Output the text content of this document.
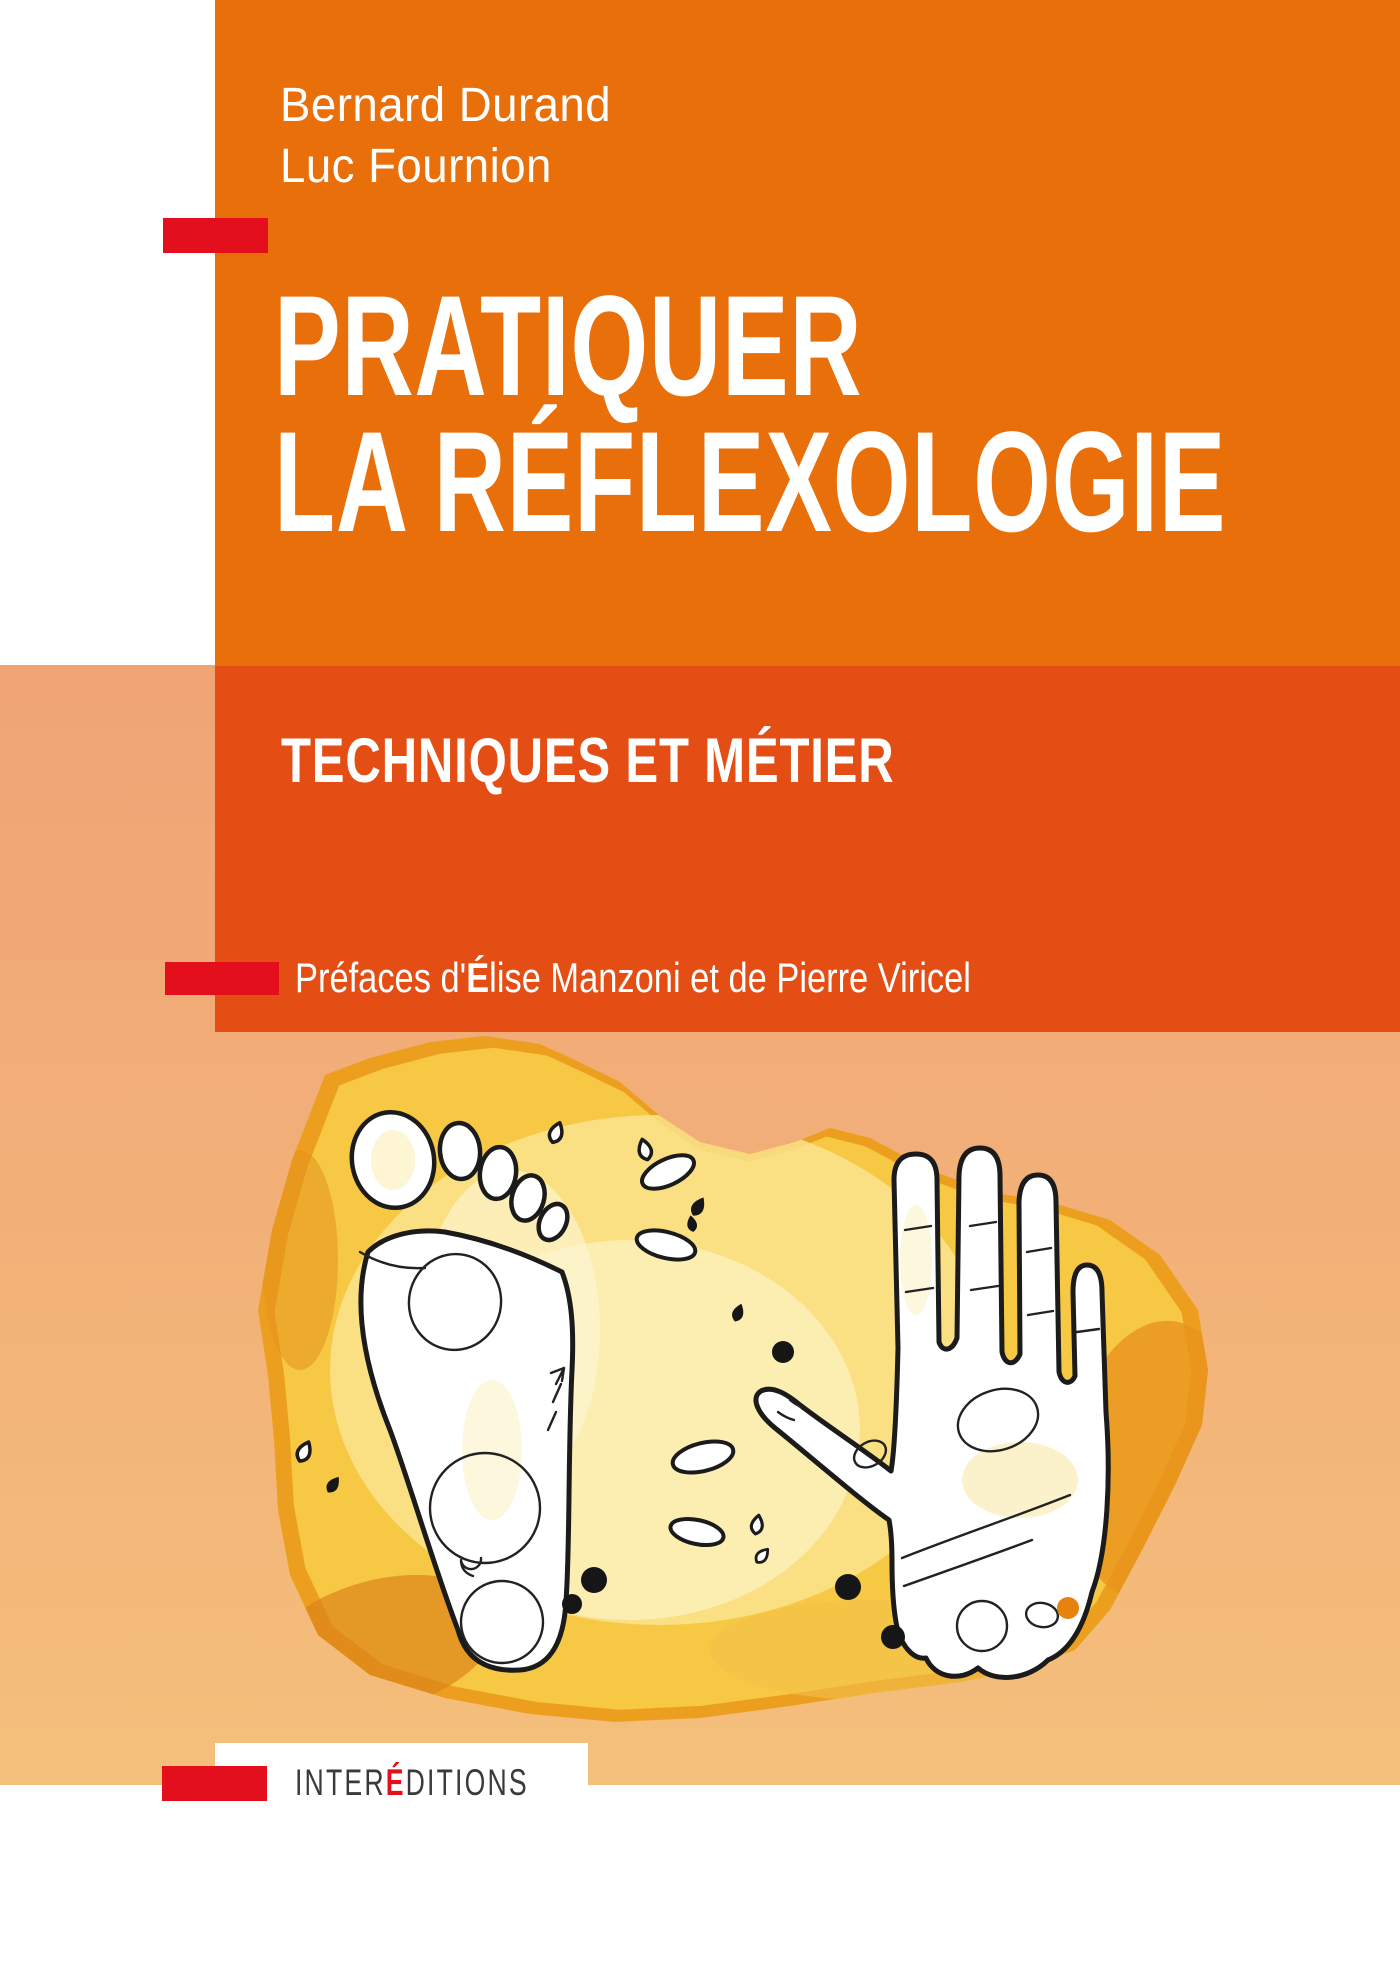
Bernard Durand
Luc Fournion
PRATIQUER
LA RÉFLEXOLOGIE
TECHNIQUES ET MÉTIER
Préfaces d'Élise Manzoni et de Pierre Viricel
INTERÉDITIONS
